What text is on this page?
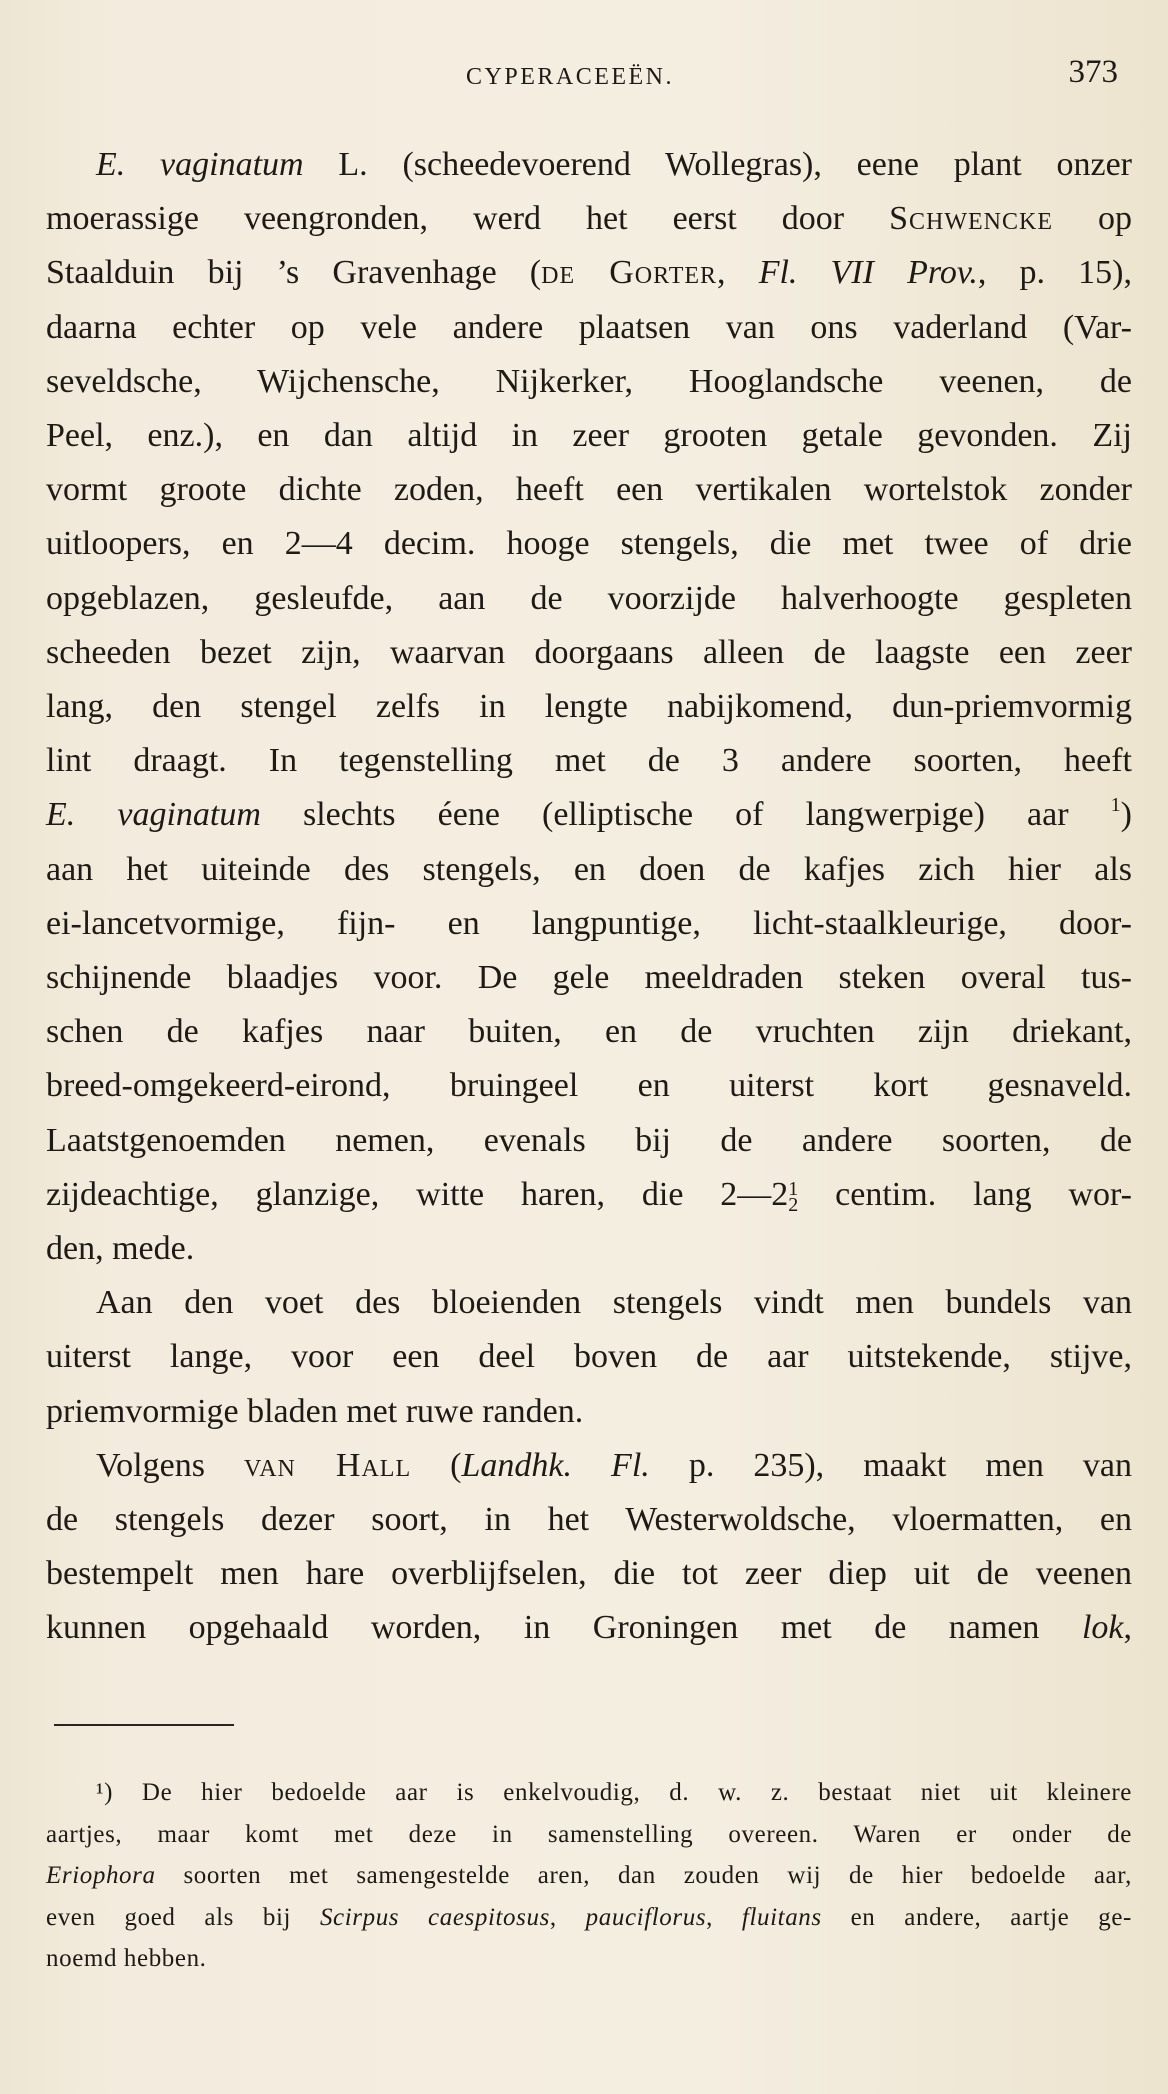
CYPERACEEËN.	373
E. vaginatum L. (scheedevoerend Wollegras), eene plant onzer
moerassige veengronden, werd het eerst door Schwencke op
Staalduin bij ’s Gravenhage (de Gorter, Fl. VII Prov., p. 15),
daarna echter op vele andere plaatsen van ons vaderland (Var-
seveldsche, Wijchensche, Nijkerker, Hooglandsche veenen, de
Peel, enz.), en dan altijd in zeer grooten getale gevonden. Zij
vormt groote dichte zoden, heeft een vertikalen wortelstok zonder
uitloopers, en 2—4 decim. hooge stengels, die met twee of drie
opgeblazen, gesleufde, aan de voorzijde halverhoogte gespleten
scheeden bezet zijn, waarvan doorgaans alleen de laagste een zeer
lang, den stengel zelfs in lengte nabijkomend, dun-priemvormig
lint draagt. In tegenstelling met de 3 andere soorten, heeft
E. vaginatum slechts éene (elliptische of langwerpige) aar $^1$)
aan het uiteinde des stengels, en doen de kafjes zich hier als
ei-lancetvormige, fijn- en langpuntige, licht-staalkleurige, door-
schijnende blaadjes voor. De gele meeldraden steken overal tus-
schen de kafjes naar buiten, en de vruchten zijn driekant,
breed-omgekeerd-eirond, bruingeel en uiterst kort gesnaveld.
Laatstgenoemden nemen, evenals bij de andere soorten, de
zijdeachtige, glanzige, witte haren, die 2—21
2 centim. lang wor-
den, mede.
Aan den voet des bloeienden stengels vindt men bundels van
uiterst lange, voor een deel boven de aar uitstekende, stijve,
priemvormige bladen met ruwe randen.
Volgens van Hall (Landhk. Fl. p. 235), maakt men van
de stengels dezer soort, in het Westerwoldsche, vloermatten, en
bestempelt men hare overblijfselen, die tot zeer diep uit de veenen
kunnen opgehaald worden, in Groningen met de namen lok,
¹) De hier bedoelde aar is enkelvoudig, d. w. z. bestaat niet uit kleinere
aartjes, maar komt met deze in samenstelling overeen. Waren er onder de
Eriophora soorten met samengestelde aren, dan zouden wij de hier bedoelde aar,
even goed als bij Scirpus caespitosus, pauciflorus, fluitans en andere, aartje ge-
noemd hebben.
